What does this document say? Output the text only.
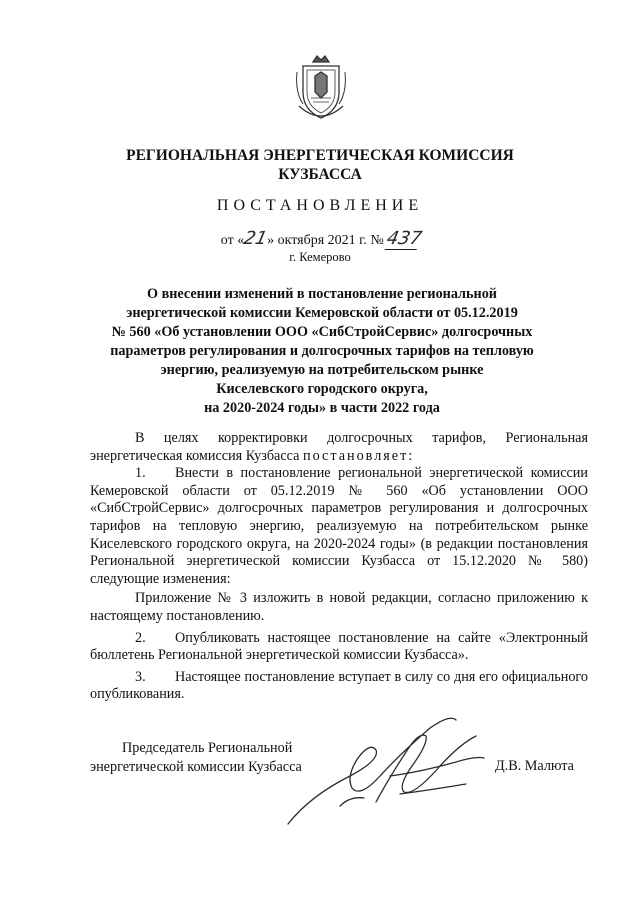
РЕГИОНАЛЬНАЯ ЭНЕРГЕТИЧЕСКАЯ КОМИССИЯ
КУЗБАССА
ПОСТАНОВЛЕНИЕ
от «21» октября 2021 г. № 437
г. Кемерово
О внесении изменений в постановление региональной
энергетической комиссии Кемеровской области от 05.12.2019
№ 560 «Об установлении ООО «СибСтройСервис» долгосрочных
параметров регулирования и долгосрочных тарифов на тепловую
энергию, реализуемую на потребительском рынке
Киселевского городского округа,
на 2020-2024 годы» в части 2022 года

В целях корректировки долгосрочных тарифов, Региональная энергетическая комиссия Кузбасса постановляет:

1. Внести в постановление региональной энергетической комиссии Кемеровской области от 05.12.2019 № 560 «Об установлении ООО «СибСтройСервис» долгосрочных параметров регулирования и долгосрочных тарифов на тепловую энергию, реализуемую на потребительском рынке Киселевского городского округа, на 2020-2024 годы» (в редакции постановления Региональной энергетической комиссии Кузбасса от 15.12.2020 № 580) следующие изменения:

Приложение № 3 изложить в новой редакции, согласно приложению к настоящему постановлению.

2. Опубликовать настоящее постановление на сайте «Электронный бюллетень Региональной энергетической комиссии Кузбасса».

3. Настоящее постановление вступает в силу со дня его официального опубликования.

Председатель Региональной
энергетической комиссии Кузбасса	Д.В. Малюта
